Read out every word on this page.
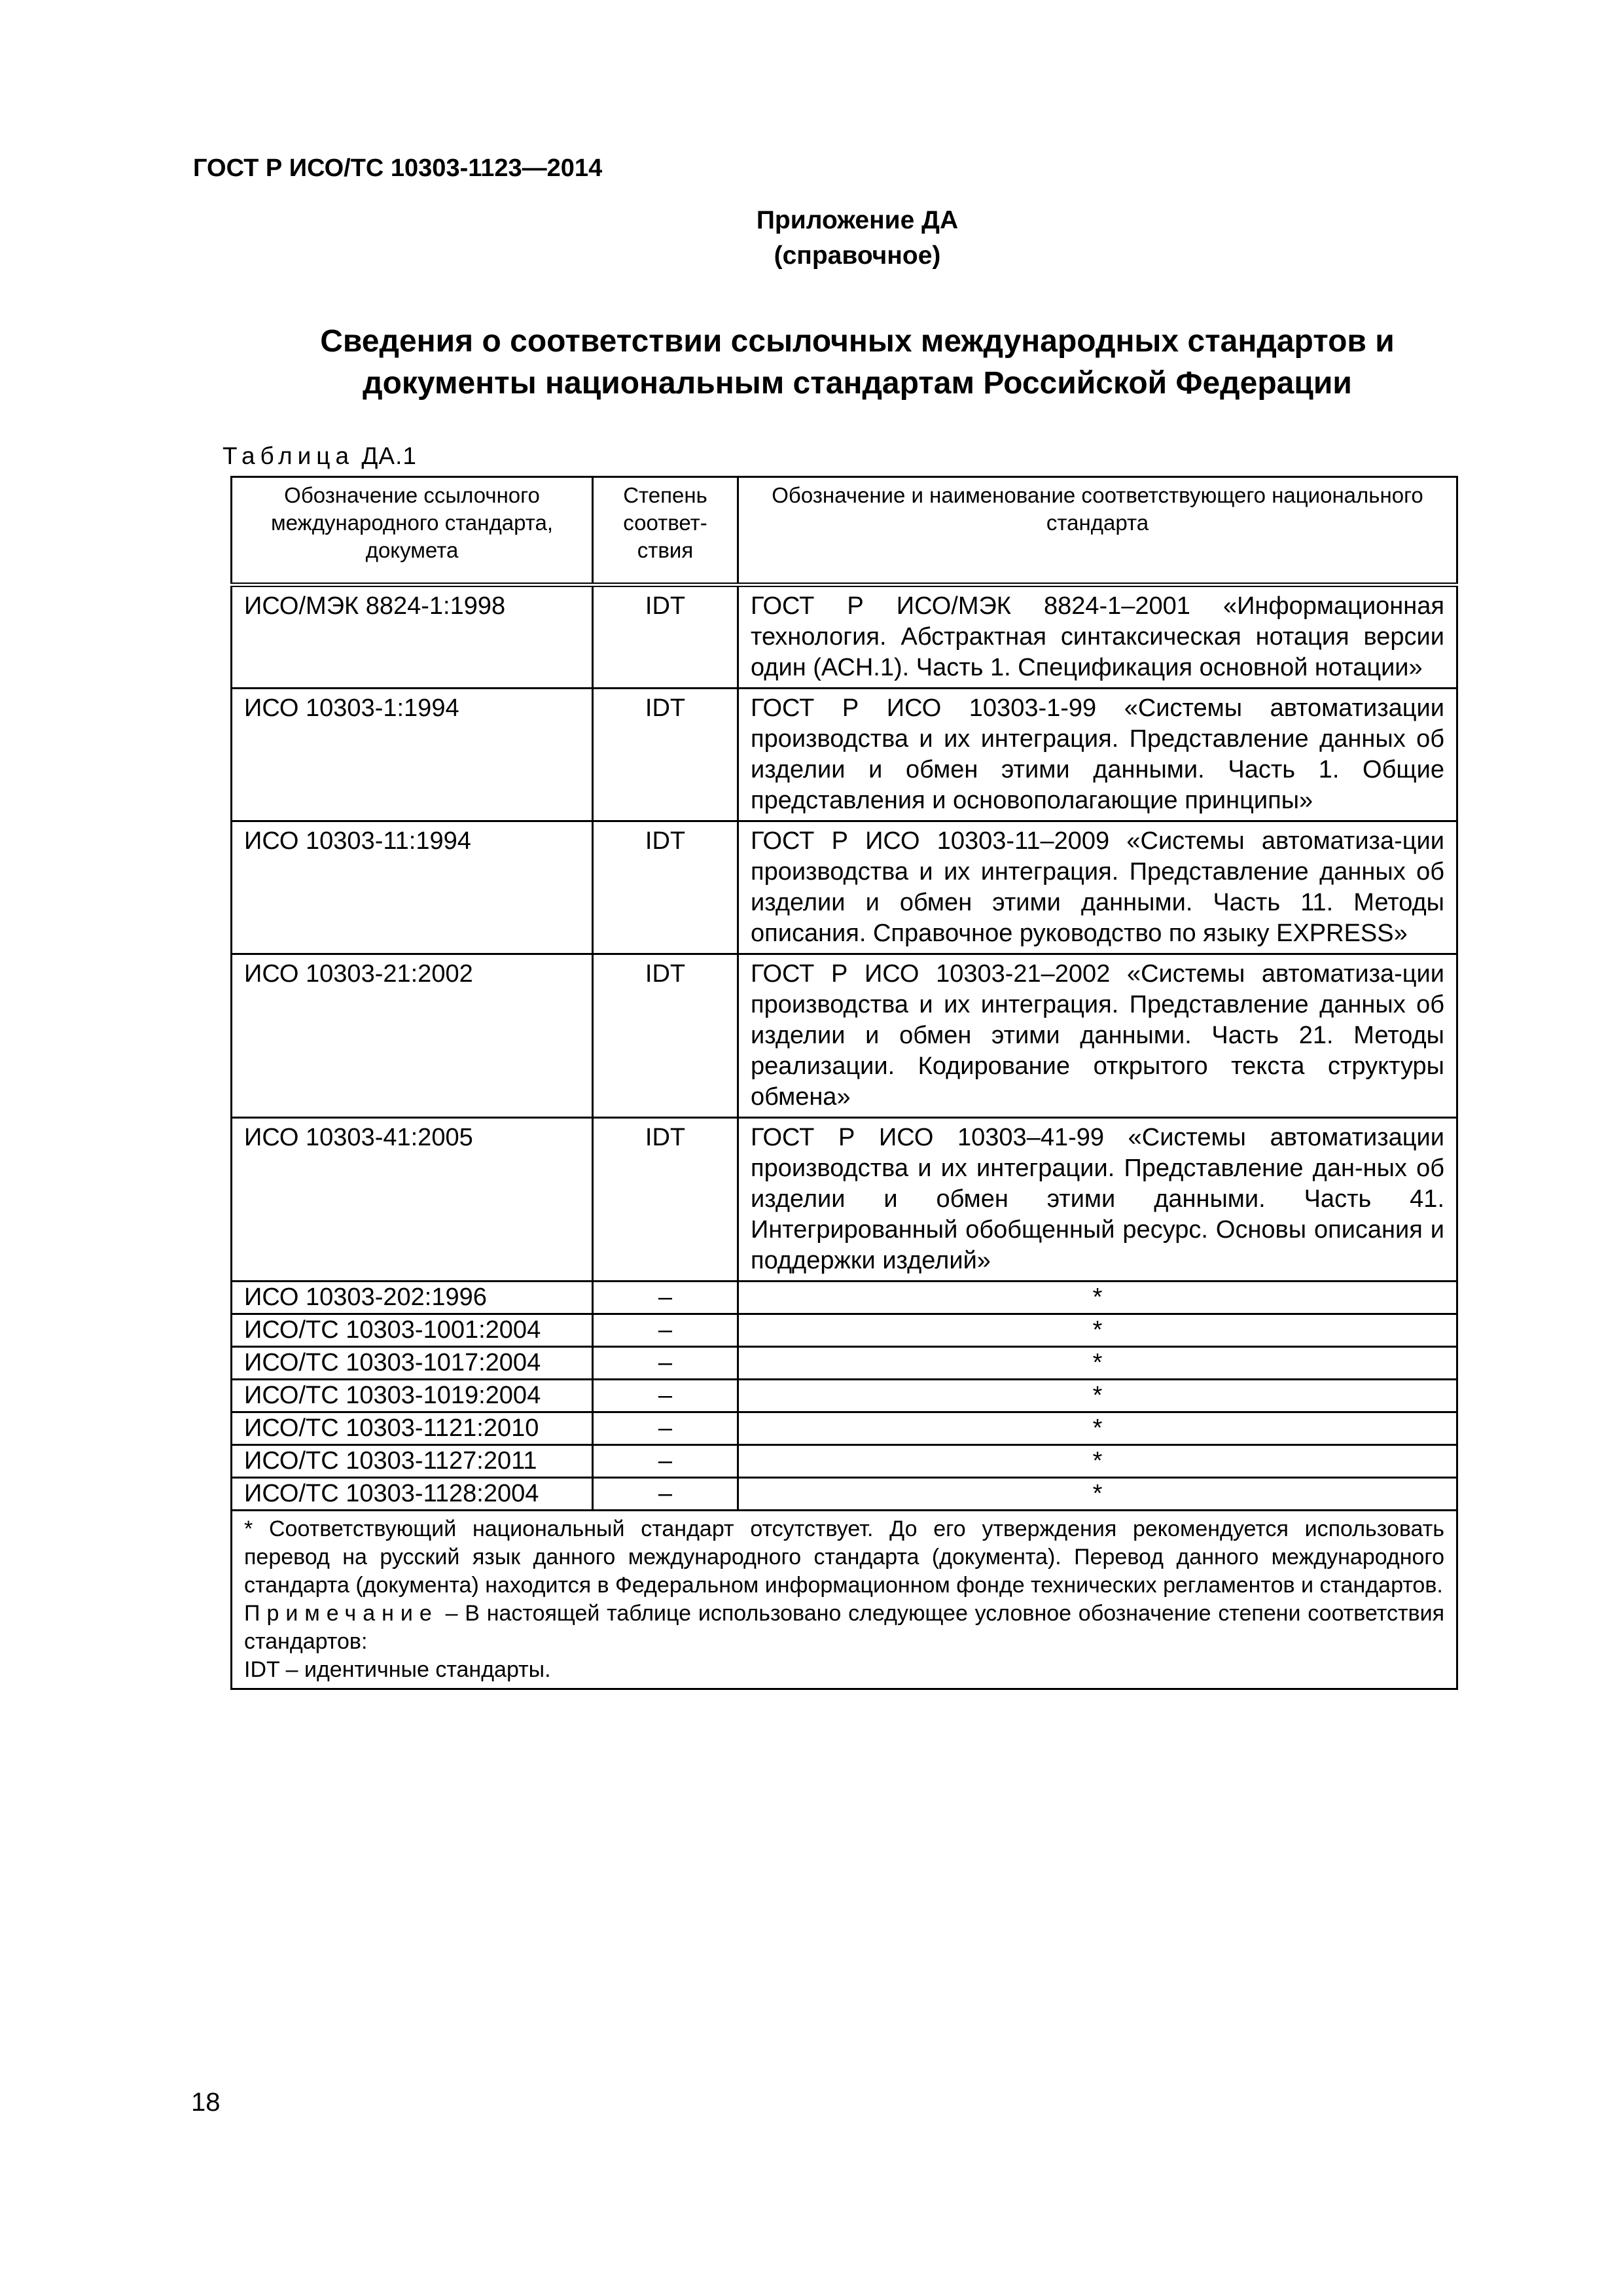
ГОСТ Р ИСО/ТС 10303-1123—2014
Приложение ДА
(справочное)
Сведения о соответствии ссылочных международных стандартов и
документы национальным стандартам Российской Федерации
Таблица ДА.1
Обозначение ссылочного международного стандарта, докумета	Степень соответ-ствия	Обозначение и наименование соответствующего национального стандарта
ИСО/МЭК 8824-1:1998	IDT	ГОСТ Р ИСО/МЭК 8824-1–2001 «Информационная технология. Абстрактная синтаксическая нотация версии один (АСН.1). Часть 1. Спецификация основной нотации»
ИСО 10303-1:1994	IDT	ГОСТ Р ИСО 10303-1-99 «Системы автоматизации производства и их интеграция. Представление данных об изделии и обмен этими данными. Часть 1. Общие представления и основополагающие принципы»
ИСО 10303-11:1994	IDT	ГОСТ Р ИСО 10303-11–2009 «Системы автоматиза-ции производства и их интеграция. Представление данных об изделии и обмен этими данными. Часть 11. Методы описания. Справочное руководство по языку EXPRESS»
ИСО 10303-21:2002	IDT	ГОСТ Р ИСО 10303-21–2002 «Системы автоматиза-ции производства и их интеграция. Представление данных об изделии и обмен этими данными. Часть 21. Методы реализации. Кодирование открытого текста структуры обмена»
ИСО 10303-41:2005	IDT	ГОСТ Р ИСО 10303–41-99 «Системы автоматизации производства и их интеграции. Представление дан-ных об изделии и обмен этими данными. Часть 41. Интегрированный обобщенный ресурс. Основы описания и поддержки изделий»
ИСО 10303-202:1996	–	*
ИСО/ТС 10303-1001:2004	–	*
ИСО/ТС 10303-1017:2004	–	*
ИСО/ТС 10303-1019:2004	–	*
ИСО/ТС 10303-1121:2010	–	*
ИСО/ТС 10303-1127:2011	–	*
ИСО/ТС 10303-1128:2004	–	*

* Соответствующий национальный стандарт отсутствует. До его утверждения рекомендуется использовать перевод на русский язык данного международного стандарта (документа). Перевод данного международного стандарта (документа) находится в Федеральном информационном фонде технических регламентов и стандартов.
Примечание – В настоящей таблице использовано следующее условное обозначение степени соответствия стандартов:
IDT – идентичные стандарты.		
18
